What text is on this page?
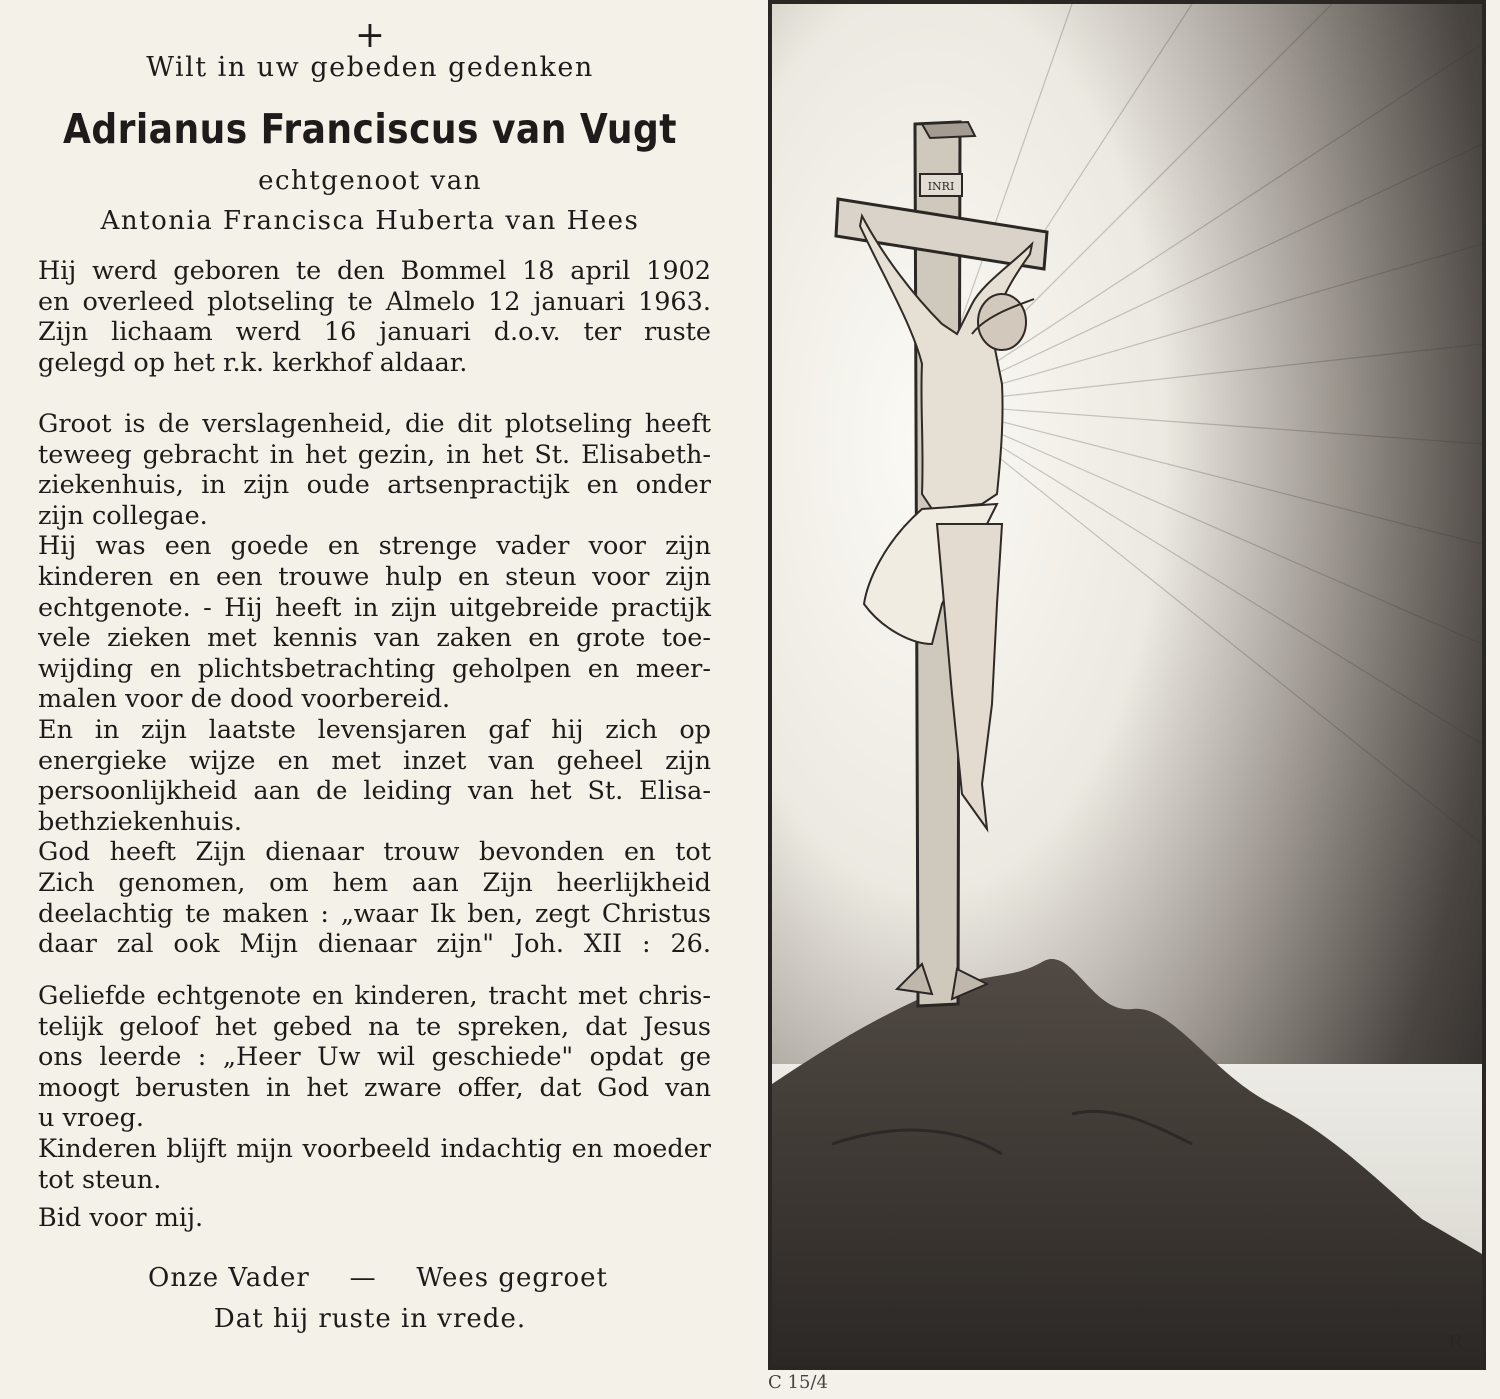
+
Wilt in uw gebeden gedenken
Adrianus Franciscus van Vugt
echtgenoot van
Antonia Francisca Huberta van Hees
Hij werd geboren te den Bommel 18 april 1902
en overleed plotseling te Almelo 12 januari 1963.
Zijn lichaam werd 16 januari d.o.v. ter ruste
gelegd op het r.k. kerkhof aldaar.
Groot is de verslagenheid, die dit plotseling heeft
teweeg gebracht in het gezin, in het St. Elisabeth-
ziekenhuis, in zijn oude artsenpractijk en onder
zijn collegae.
Hij was een goede en strenge vader voor zijn
kinderen en een trouwe hulp en steun voor zijn
echtgenote. - Hij heeft in zijn uitgebreide practijk
vele zieken met kennis van zaken en grote toe-
wijding en plichtsbetrachting geholpen en meer-
malen voor de dood voorbereid.
En in zijn laatste levensjaren gaf hij zich op
energieke wijze en met inzet van geheel zijn
persoonlijkheid aan de leiding van het St. Elisa-
bethziekenhuis.
God heeft Zijn dienaar trouw bevonden en tot
Zich genomen, om hem aan Zijn heerlijkheid
deelachtig te maken : „waar Ik ben, zegt Christus
daar zal ook Mijn dienaar zijn" Joh. XII : 26.
Geliefde echtgenote en kinderen, tracht met chris-
telijk geloof het gebed na te spreken, dat Jesus
ons leerde : „Heer Uw wil geschiede" opdat ge
moogt berusten in het zware offer, dat God van
u vroeg.
Kinderen blijft mijn voorbeeld indachtig en moeder
tot steun.
Bid voor mij.
Onze Vader — Wees gegroet
Dat hij ruste in vrede.
INRI
R
C 15/4
